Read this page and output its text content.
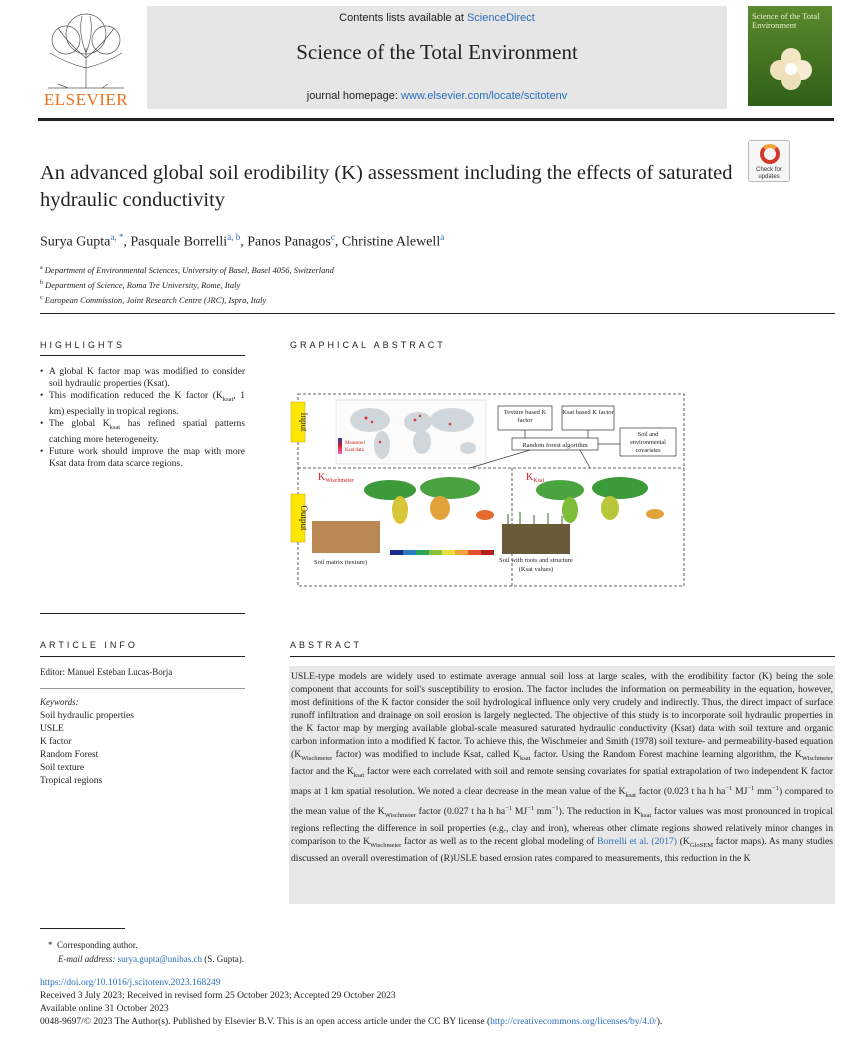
ELSEVIER
Contents lists available at ScienceDirect
Science of the Total Environment
journal homepage: www.elsevier.com/locate/scitotenv
Science of the Total Environment
An advanced global soil erodibility (K) assessment including the effects of saturated hydraulic conductivity
Check for updates
Surya Gupta$^{a, *}$, Pasquale Borrelli$^{a, b}$, Panos Panagos$^c$, Christine Alewell$^a$
$^a$ Department of Environmental Sciences, University of Basel, Basel 4056, Switzerland
$^b$ Department of Science, Roma Tre University, Rome, Italy
$^c$ European Commission, Joint Research Centre (JRC), Ispra, Italy
HIGHLIGHTS
• A global K factor map was modified to consider soil hydraulic properties (Ksat).
• This modification reduced the K factor ($K_{ksat}$, 1 km) especially in tropical regions.
• The global $K_{ksat}$ has refined spatial patterns catching more heterogeneity.
• Future work should improve the map with more Ksat data from data scarce regions.
GRAPHICAL ABSTRACT
Input
Output
Measured
Ksat data
Texture based K factor
Ksat based K factor
Random forest algorithm
Soil and environmental covariates
$K_{Wischmeier}$	$K_{Ksat}$
Soil matrix (texture)	Soil with roots and structure
(Ksat values)
ARTICLE INFO
Editor: Manuel Esteban Lucas-Borja
Keywords:
Soil hydraulic properties
USLE
K factor
Random Forest
Soil texture
Tropical regions
ABSTRACT

USLE-type models are widely used to estimate average annual soil loss at large scales, with the erodibility factor (K) being the sole component that accounts for soil's susceptibility to erosion. The factor includes the information on permeability in the equation, however, most definitions of the K factor consider the soil hydrological influence only very crudely and indirectly. Thus, the direct impact of surface runoff infiltration and drainage on soil erosion is largely neglected. The objective of this study is to incorporate soil hydraulic properties in the K factor map by merging available global-scale measured saturated hydraulic conductivity (Ksat) data with soil texture and organic carbon information into a modified K factor. To achieve this, the Wischmeier and Smith (1978) soil texture- and permeability-based equation ($K_{Wischmeier}$ factor) was modified to include Ksat, called $K_{ksat}$ factor. Using the Random Forest machine learning algorithm, the $K_{Wischmeier}$ factor and the $K_{ksat}$ factor were each correlated with soil and remote sensing covariates for spatial extrapolation of two independent K factor maps at 1 km spatial resolution. We noted a clear decrease in the mean value of the $K_{ksat}$ factor (0.023 t ha h $ha^{-1}$ $MJ^{-1}$ $mm^{-1}$) compared to the mean value of the $K_{Wischmeier}$ factor (0.027 t ha h $ha^{-1}$ $MJ^{-1}$ $mm^{-1}$). The reduction in $K_{ksat}$ factor values was most pronounced in tropical regions reflecting the difference in soil properties (e.g., clay and iron), whereas other climate regions showed relatively minor changes in comparison to the $K_{Wischmeier}$ factor as well as to the recent global modeling of Borrelli et al. (2017) ($K_{GloSEM}$ factor maps). As many studies discussed an overall overestimation of (R)USLE based erosion rates compared to measurements, this reduction in the K

*  Corresponding author.
E-mail address: surya.gupta@unibas.ch (S. Gupta).
https://doi.org/10.1016/j.scitotenv.2023.168249
Received 3 July 2023; Received in revised form 25 October 2023; Accepted 29 October 2023
Available online 31 October 2023
0048-9697/© 2023 The Author(s). Published by Elsevier B.V. This is an open access article under the CC BY license (http://creativecommons.org/licenses/by/4.0/).
